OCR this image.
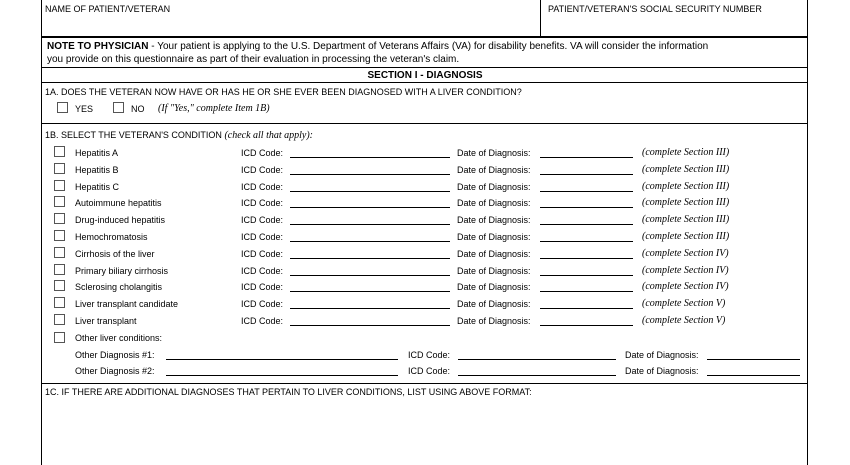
NAME OF PATIENT/VETERAN	PATIENT/VETERAN'S SOCIAL SECURITY NUMBER
NOTE TO PHYSICIAN - Your patient is applying to the U.S. Department of Veterans Affairs (VA) for disability benefits. VA will consider the information
you provide on this questionnaire as part of their evaluation in processing the veteran's claim.
SECTION I - DIAGNOSIS
1A. DOES THE VETERAN NOW HAVE OR HAS HE OR SHE EVER BEEN DIAGNOSED WITH A LIVER CONDITION?
YES	NO (If "Yes," complete Item 1B)
1B. SELECT THE VETERAN'S CONDITION (check all that apply):
Hepatitis A	ICD Code:	Date of Diagnosis:	(complete Section III)
Hepatitis B	ICD Code:	Date of Diagnosis:	(complete Section III)
Hepatitis C	ICD Code:	Date of Diagnosis:	(complete Section III)
Autoimmune hepatitis	ICD Code:	Date of Diagnosis:	(complete Section III)
Drug-induced hepatitis	ICD Code:	Date of Diagnosis:	(complete Section III)
Hemochromatosis	ICD Code:	Date of Diagnosis:	(complete Section III)
Cirrhosis of the liver	ICD Code:	Date of Diagnosis:	(complete Section IV)
Primary biliary cirrhosis	ICD Code:	Date of Diagnosis:	(complete Section IV)
Sclerosing cholangitis	ICD Code:	Date of Diagnosis:	(complete Section IV)
Liver transplant candidate	ICD Code:	Date of Diagnosis:	(complete Section V)
Liver transplant	ICD Code:	Date of Diagnosis:	(complete Section V)
Other liver conditions:
Other Diagnosis #1:	ICD Code:	Date of Diagnosis:
Other Diagnosis #2:	ICD Code:	Date of Diagnosis:
1C. IF THERE ARE ADDITIONAL DIAGNOSES THAT PERTAIN TO LIVER CONDITIONS, LIST USING ABOVE FORMAT:
